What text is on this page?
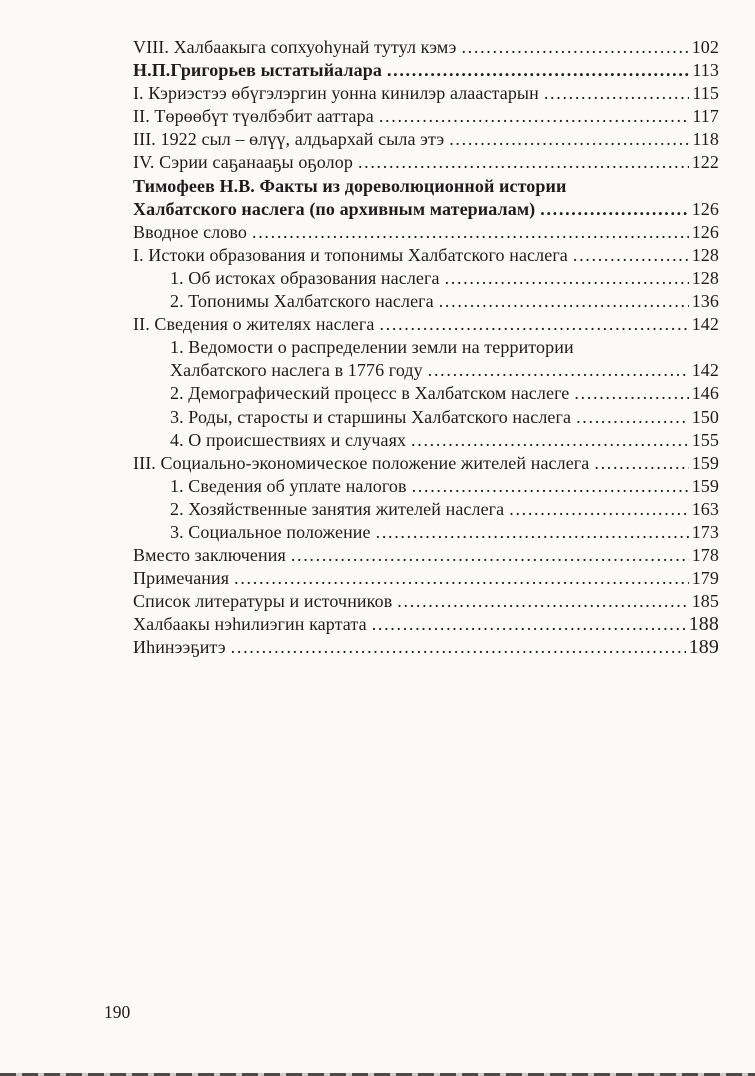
VIII. Халбаакыга сопхуоһунай тутул кэмэ .....	102
Н.П.Григорьев ыстатыйалара .....	113
I. Кэриэстээ өбүгэлэргин уонна кинилэр алаастарын .....	115
II. Төрөөбүт түөлбэбит ааттара .....	117
III. 1922 сыл – өлүү, алдьархай сыла этэ .....	118
IV. Сэрии саҕанааҕы оҕолор .....	122
Тимофеев Н.В. Факты из дореволюционной истории
Халбатского наслега (по архивным материалам) .....	126
Вводное слово .....	126
I. Истоки образования и топонимы Халбатского наслега .....	128
1. Об истоках образования наслега .....	128
2. Топонимы Халбатского наслега .....	136
II. Сведения о жителях наслега .....	142
1. Ведомости о распределении земли на территории
Халбатского наслега в 1776 году .....	142
2. Демографический процесс в Халбатском наслеге .....	146
3. Роды, старосты и старшины Халбатского наслега .....	150
4. О происшествиях и случаях .....	155
III. Социально-экономическое положение жителей наслега .....	159
1. Сведения об уплате налогов .....	159
2. Хозяйственные занятия жителей наслега .....	163
3. Социальное положение .....	173
Вместо заключения .....	178
Примечания .....	179
Список литературы и источников .....	185
Халбаакы нэһилиэгин картата .....	188
Иһинээҕитэ .....	189
190
